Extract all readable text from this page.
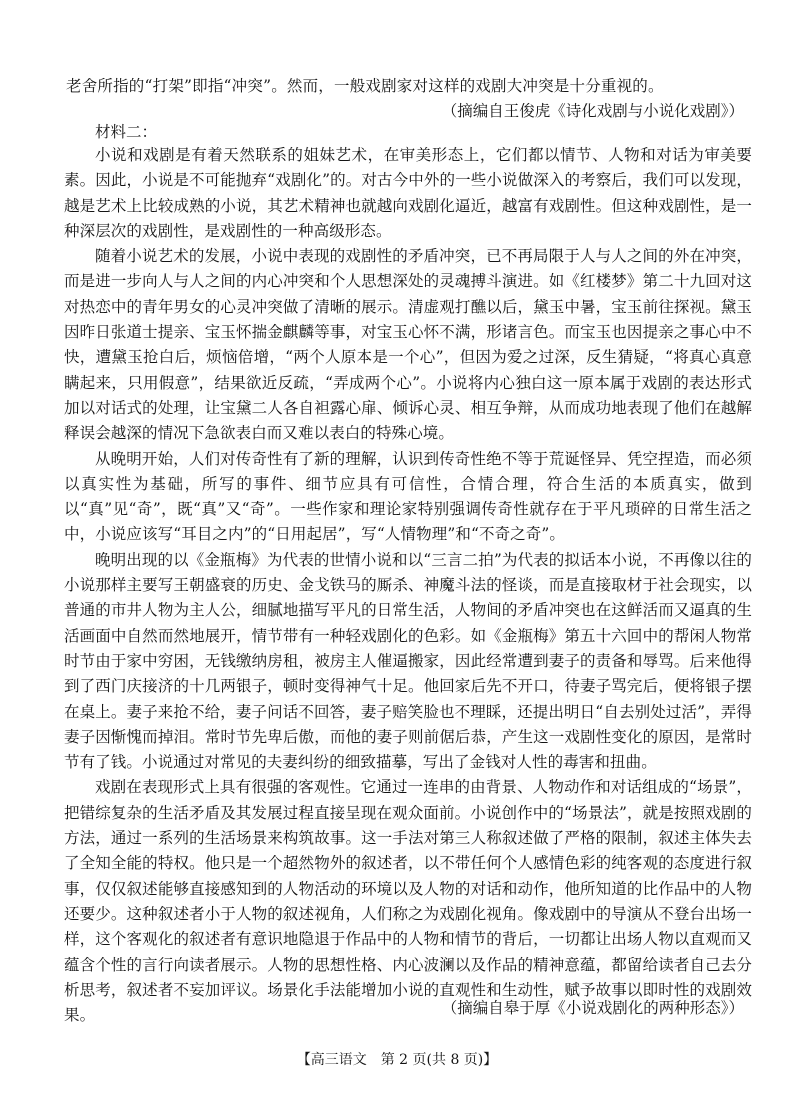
老舍所指的“打架”即指“冲突”。然而，一般戏剧家对这样的戏剧大冲突是十分重视的。

（摘编自王俊虎《诗化戏剧与小说化戏剧》）

材料二：

小说和戏剧是有着天然联系的姐妹艺术，在审美形态上，它们都以情节、人物和对话为审美要素。因此，小说是不可能抛弃“戏剧化”的。对古今中外的一些小说做深入的考察后，我们可以发现，越是艺术上比较成熟的小说，其艺术精神也就越向戏剧化逼近，越富有戏剧性。但这种戏剧性，是一种深层次的戏剧性，是戏剧性的一种高级形态。

随着小说艺术的发展，小说中表现的戏剧性的矛盾冲突，已不再局限于人与人之间的外在冲突，而是进一步向人与人之间的内心冲突和个人思想深处的灵魂搏斗演进。如《红楼梦》第二十九回对这对热恋中的青年男女的心灵冲突做了清晰的展示。清虚观打醮以后，黛玉中暑，宝玉前往探视。黛玉因昨日张道士提亲、宝玉怀揣金麒麟等事，对宝玉心怀不满，形诸言色。而宝玉也因提亲之事心中不快，遭黛玉抢白后，烦恼倍增，“两个人原本是一个心”，但因为爱之过深，反生猜疑，“将真心真意瞒起来，只用假意”，结果欲近反疏，“弄成两个心”。小说将内心独白这一原本属于戏剧的表达形式加以对话式的处理，让宝黛二人各自袒露心扉、倾诉心灵、相互争辩，从而成功地表现了他们在越解释误会越深的情况下急欲表白而又难以表白的特殊心境。

从晚明开始，人们对传奇性有了新的理解，认识到传奇性绝不等于荒诞怪异、凭空捏造，而必须以真实性为基础，所写的事件、细节应具有可信性，合情合理，符合生活的本质真实，做到以“真”见“奇”，既“真”又“奇”。一些作家和理论家特别强调传奇性就存在于平凡琐碎的日常生活之中，小说应该写“耳目之内”的“日用起居”，写“人情物理”和“不奇之奇”。

晚明出现的以《金瓶梅》为代表的世情小说和以“三言二拍”为代表的拟话本小说，不再像以往的小说那样主要写王朝盛衰的历史、金戈铁马的厮杀、神魔斗法的怪谈，而是直接取材于社会现实，以普通的市井人物为主人公，细腻地描写平凡的日常生活，人物间的矛盾冲突也在这鲜活而又逼真的生活画面中自然而然地展开，情节带有一种轻戏剧化的色彩。如《金瓶梅》第五十六回中的帮闲人物常时节由于家中穷困，无钱缴纳房租，被房主人催逼搬家，因此经常遭到妻子的责备和辱骂。后来他得到了西门庆接济的十几两银子，顿时变得神气十足。他回家后先不开口，待妻子骂完后，便将银子摆在桌上。妻子来抢不给，妻子问话不回答，妻子赔笑脸也不理睬，还提出明日“自去别处过活”，弄得妻子因惭愧而掉泪。常时节先卑后傲，而他的妻子则前倨后恭，产生这一戏剧性变化的原因，是常时节有了钱。小说通过对常见的夫妻纠纷的细致描摹，写出了金钱对人性的毒害和扭曲。

戏剧在表现形式上具有很强的客观性。它通过一连串的由背景、人物动作和对话组成的“场景”，把错综复杂的生活矛盾及其发展过程直接呈现在观众面前。小说创作中的“场景法”，就是按照戏剧的方法，通过一系列的生活场景来构筑故事。这一手法对第三人称叙述做了严格的限制，叙述主体失去了全知全能的特权。他只是一个超然物外的叙述者，以不带任何个人感情色彩的纯客观的态度进行叙事，仅仅叙述能够直接感知到的人物活动的环境以及人物的对话和动作，他所知道的比作品中的人物还要少。这种叙述者小于人物的叙述视角，人们称之为戏剧化视角。像戏剧中的导演从不登台出场一样，这个客观化的叙述者有意识地隐退于作品中的人物和情节的背后，一切都让出场人物以直观而又蕴含个性的言行向读者展示。人物的思想性格、内心波澜以及作品的精神意蕴，都留给读者自己去分析思考，叙述者不妄加评议。场景化手法能增加小说的直观性和生动性，赋予故事以即时性的戏剧效果。	（摘编自皋于厚《小说戏剧化的两种形态》）

【高三语文　第 2 页(共 8 页)】
